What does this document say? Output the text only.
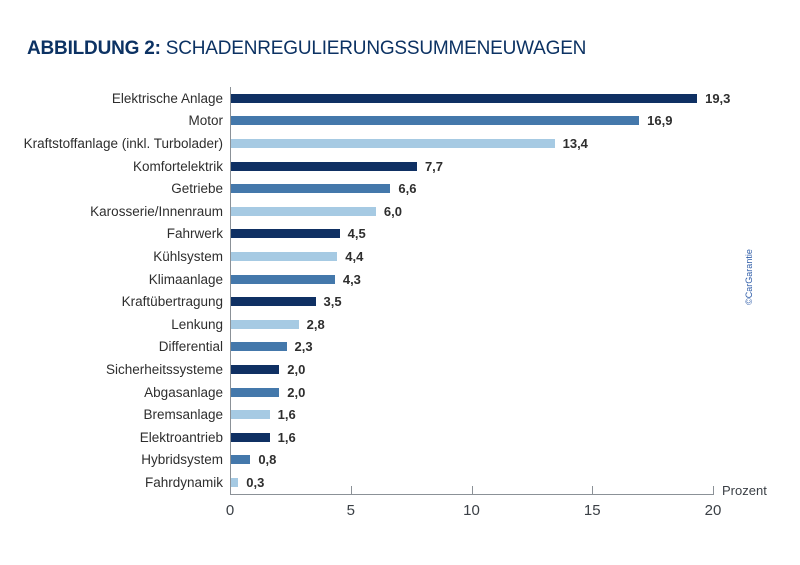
ABBILDUNG 2: SCHADENREGULIERUNGSSUMMENEUWAGEN
Elektrische Anlage	19,3
Motor	16,9
Kraftstoffanlage (inkl. Turbolader)	13,4
Komfortelektrik	7,7
Getriebe	6,6
Karosserie/Innenraum	6,0
Fahrwerk	4,5
Kühlsystem	4,4
Klimaanlage	4,3
Kraftübertragung	3,5
Lenkung	2,8
Differential	2,3
Sicherheitssysteme	2,0
Abgasanlage	2,0
Bremsanlage	1,6
Elektroantrieb	1,6
Hybridsystem	0,8
Fahrdynamik 0,3
0	5	10	15	20
Prozent
©CarGarantie
